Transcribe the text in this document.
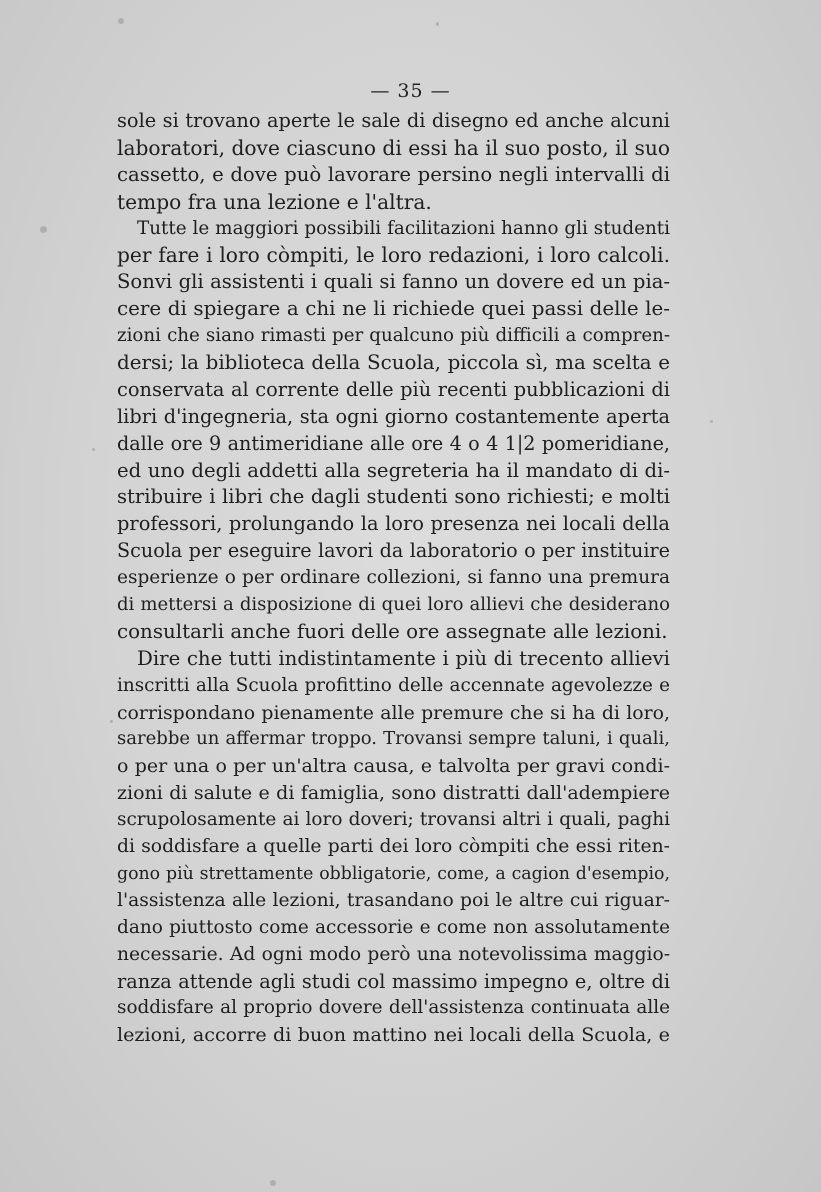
— 35 —
sole si trovano aperte le sale di disegno ed anche alcuni
laboratori, dove ciascuno di essi ha il suo posto, il suo
cassetto, e dove può lavorare persino negli intervalli di
tempo fra una lezione e l'altra.
Tutte le maggiori possibili facilitazioni hanno gli studenti
per fare i loro còmpiti, le loro redazioni, i loro calcoli.
Sonvi gli assistenti i quali si fanno un dovere ed un pia-
cere di spiegare a chi ne li richiede quei passi delle le-
zioni che siano rimasti per qualcuno più difficili a compren-
dersi; la biblioteca della Scuola, piccola sì, ma scelta e
conservata al corrente delle più recenti pubblicazioni di
libri d'ingegneria, sta ogni giorno costantemente aperta
dalle ore 9 antimeridiane alle ore 4 o 4 1|2 pomeridiane,
ed uno degli addetti alla segreteria ha il mandato di di-
stribuire i libri che dagli studenti sono richiesti; e molti
professori, prolungando la loro presenza nei locali della
Scuola per eseguire lavori da laboratorio o per instituire
esperienze o per ordinare collezioni, si fanno una premura
di mettersi a disposizione di quei loro allievi che desiderano
consultarli anche fuori delle ore assegnate alle lezioni.
Dire che tutti indistintamente i più di trecento allievi
inscritti alla Scuola profittino delle accennate agevolezze e
corrispondano pienamente alle premure che si ha di loro,
sarebbe un affermar troppo. Trovansi sempre taluni, i quali,
o per una o per un'altra causa, e talvolta per gravi condi-
zioni di salute e di famiglia, sono distratti dall'adempiere
scrupolosamente ai loro doveri; trovansi altri i quali, paghi
di soddisfare a quelle parti dei loro còmpiti che essi riten-
gono più strettamente obbligatorie, come, a cagion d'esempio,
l'assistenza alle lezioni, trasandano poi le altre cui riguar-
dano piuttosto come accessorie e come non assolutamente
necessarie. Ad ogni modo però una notevolissima maggio-
ranza attende agli studi col massimo impegno e, oltre di
soddisfare al proprio dovere dell'assistenza continuata alle
lezioni, accorre di buon mattino nei locali della Scuola, e
